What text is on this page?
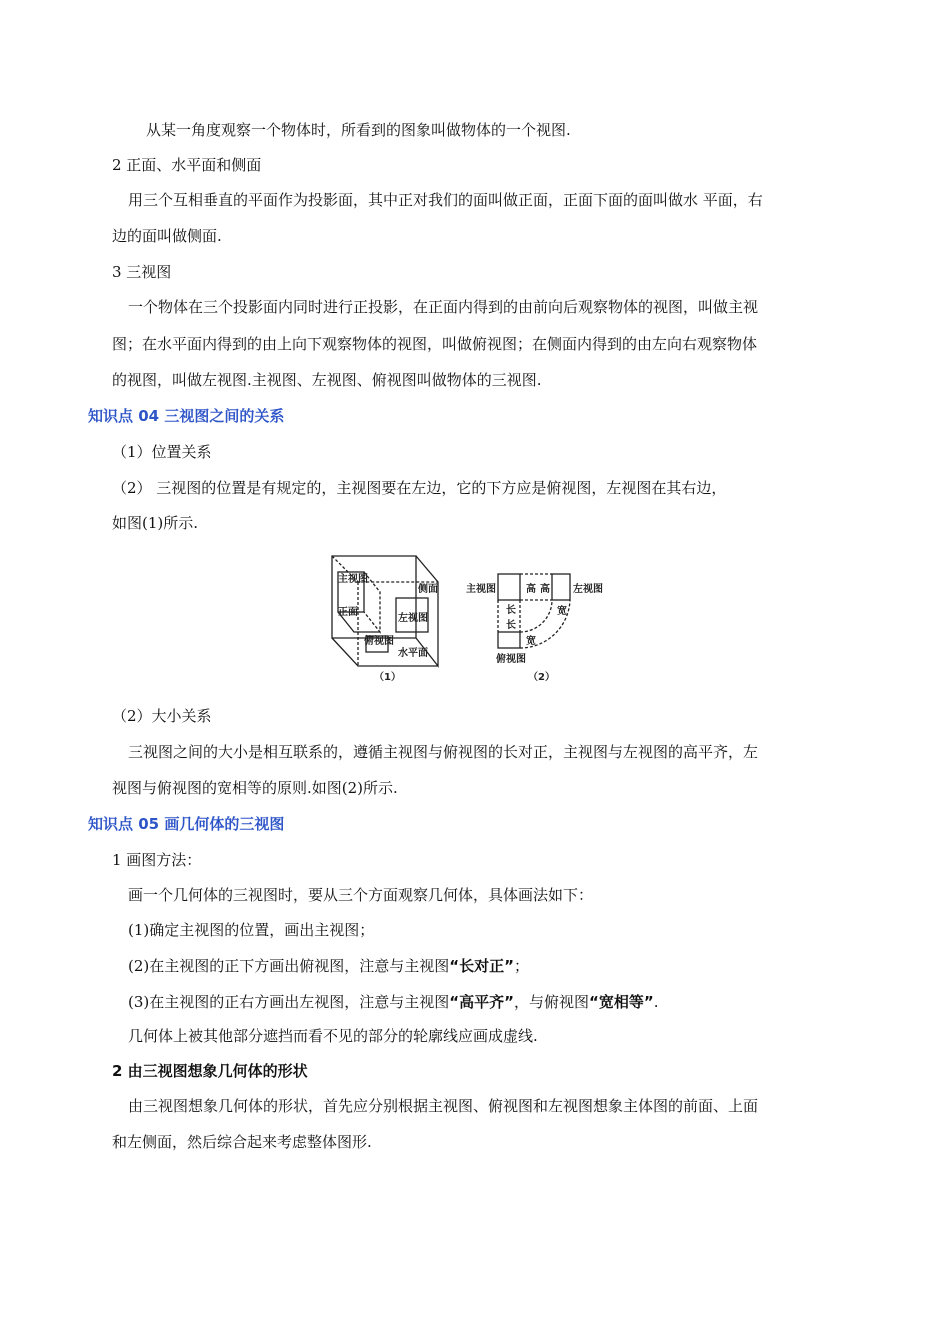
从某一角度观察一个物体时，所看到的图象叫做物体的一个视图.
2 正面、水平面和侧面
用三个互相垂直的平面作为投影面，其中正对我们的面叫做正面，正面下面的面叫做水 平面，右
边的面叫做侧面.
3 三视图
一个物体在三个投影面内同时进行正投影，在正面内得到的由前向后观察物体的视图，叫做主视
图；在水平面内得到的由上向下观察物体的视图，叫做俯视图；在侧面内得到的由左向右观察物体
的视图，叫做左视图.主视图、左视图、俯视图叫做物体的三视图.
知识点 04 三视图之间的关系
（1）位置关系
（2） 三视图的位置是有规定的，主视图要在左边，它的下方应是俯视图，左视图在其右边，
如图(1)所示.
主视图
侧面
正面
左视图
俯视图
水平面
（1）
主视图	高 高 左视图
长	宽
长
宽
俯视图
（2）
（2）大小关系
三视图之间的大小是相互联系的，遵循主视图与俯视图的长对正，主视图与左视图的高平齐，左
视图与俯视图的宽相等的原则.如图(2)所示.
知识点 05 画几何体的三视图
1 画图方法：
画一个几何体的三视图时，要从三个方面观察几何体，具体画法如下：
(1)确定主视图的位置，画出主视图；
(2)在主视图的正下方画出俯视图，注意与主视图“长对正”；
(3)在主视图的正右方画出左视图，注意与主视图“高平齐”，与俯视图“宽相等”.
几何体上被其他部分遮挡而看不见的部分的轮廓线应画成虚线.
2 由三视图想象几何体的形状
由三视图想象几何体的形状，首先应分别根据主视图、俯视图和左视图想象主体图的前面、上面
和左侧面，然后综合起来考虑整体图形.
